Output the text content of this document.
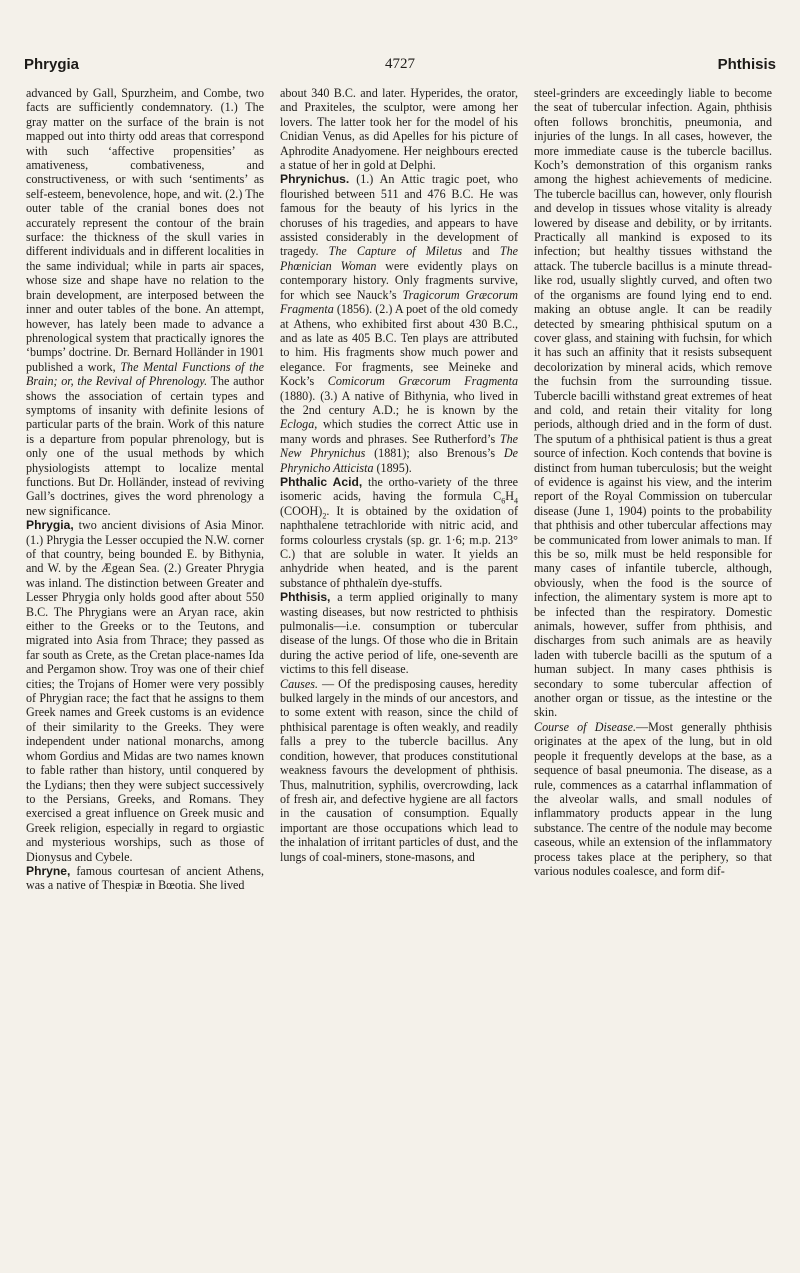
Phrygia	4727	Phthisis

advanced by Gall, Spurzheim, and Combe, two facts are sufficiently condemnatory. (1.) The gray matter on the surface of the brain is not mapped out into thirty odd areas that correspond with such ‘affective propensities’ as amativeness, combativeness, and constructiveness, or with such ‘sentiments’ as self-esteem, benevolence, hope, and wit. (2.) The outer table of the cranial bones does not accurately represent the contour of the brain surface: the thickness of the skull varies in different individuals and in different localities in the same individual; while in parts air spaces, whose size and shape have no relation to the brain development, are interposed between the inner and outer tables of the bone. An attempt, however, has lately been made to advance a phrenological system that practically ignores the ‘bumps’ doctrine. Dr. Bernard Holländer in 1901 published a work, The Mental Functions of the Brain; or, the Revival of Phrenology. The author shows the association of certain types and symptoms of insanity with definite lesions of particular parts of the brain. Work of this nature is a departure from popular phrenology, but is only one of the usual methods by which physiologists attempt to localize mental functions. But Dr. Holländer, instead of reviving Gall’s doctrines, gives the word phrenology a new significance.

Phrygia, two ancient divisions of Asia Minor. (1.) Phrygia the Lesser occupied the N.W. corner of that country, being bounded E. by Bithynia, and W. by the Ægean Sea. (2.) Greater Phrygia was inland. The distinction between Greater and Lesser Phrygia only holds good after about 550 B.C. The Phrygians were an Aryan race, akin either to the Greeks or to the Teutons, and migrated into Asia from Thrace; they passed as far south as Crete, as the Cretan place-names Ida and Pergamon show. Troy was one of their chief cities; the Trojans of Homer were very possibly of Phrygian race; the fact that he assigns to them Greek names and Greek customs is an evidence of their similarity to the Greeks. They were independent under national monarchs, among whom Gordius and Midas are two names known to fable rather than history, until conquered by the Lydians; then they were subject successively to the Persians, Greeks, and Romans. They exercised a great influence on Greek music and Greek religion, especially in regard to orgiastic and mysterious worships, such as those of Dionysus and Cybele.

Phryne, famous courtesan of ancient Athens, was a native of Thespiæ in Bœotia. She lived

about 340 B.C. and later. Hyperides, the orator, and Praxiteles, the sculptor, were among her lovers. The latter took her for the model of his Cnidian Venus, as did Apelles for his picture of Aphrodite Anadyomene. Her neighbours erected a statue of her in gold at Delphi.

Phrynichus. (1.) An Attic tragic poet, who flourished between 511 and 476 B.C. He was famous for the beauty of his lyrics in the choruses of his tragedies, and appears to have assisted considerably in the development of tragedy. The Capture of Miletus and The Phœnician Woman were evidently plays on contemporary history. Only fragments survive, for which see Nauck’s Tragicorum Græcorum Fragmenta (1856). (2.) A poet of the old comedy at Athens, who exhibited first about 430 B.C., and as late as 405 B.C. Ten plays are attributed to him. His fragments show much power and elegance. For fragments, see Meineke and Kock’s Comicorum Græcorum Fragmenta (1880). (3.) A native of Bithynia, who lived in the 2nd century A.D.; he is known by the Ecloga, which studies the correct Attic use in many words and phrases. See Rutherford’s The New Phrynichus (1881); also Brenous’s De Phrynicho Atticista (1895).

Phthalic Acid, the ortho-variety of the three isomeric acids, having the formula $C_6H_4$ $(COOH)_2$. It is obtained by the oxidation of naphthalene tetrachloride with nitric acid, and forms colourless crystals (sp. gr. 1·6; m.p. 213° C.) that are soluble in water. It yields an anhydride when heated, and is the parent substance of phthaleïn dye-stuffs.

Phthisis, a term applied originally to many wasting diseases, but now restricted to phthisis pulmonalis—i.e. consumption or tubercular disease of the lungs. Of those who die in Britain during the active period of life, one-seventh are victims to this fell disease.

Causes. — Of the predisposing causes, heredity bulked largely in the minds of our ancestors, and to some extent with reason, since the child of phthisical parentage is often weakly, and readily falls a prey to the tubercle bacillus. Any condition, however, that produces constitutional weakness favours the development of phthisis. Thus, malnutrition, syphilis, overcrowding, lack of fresh air, and defective hygiene are all factors in the causation of consumption. Equally important are those occupations which lead to the inhalation of irritant particles of dust, and the lungs of coal-miners, stone-masons, and

steel-grinders are exceedingly liable to become the seat of tubercular infection. Again, phthisis often follows bronchitis, pneumonia, and injuries of the lungs. In all cases, however, the more immediate cause is the tubercle bacillus. Koch’s demonstration of this organism ranks among the highest achievements of medicine. The tubercle bacillus can, however, only flourish and develop in tissues whose vitality is already lowered by disease and debility, or by irritants. Practically all mankind is exposed to its infection; but healthy tissues withstand the attack. The tubercle bacillus is a minute thread-like rod, usually slightly curved, and often two of the organisms are found lying end to end. making an obtuse angle. It can be readily detected by smearing phthisical sputum on a cover glass, and staining with fuchsin, for which it has such an affinity that it resists subsequent decolorization by mineral acids, which remove the fuchsin from the surrounding tissue. Tubercle bacilli withstand great extremes of heat and cold, and retain their vitality for long periods, although dried and in the form of dust. The sputum of a phthisical patient is thus a great source of infection. Koch contends that bovine is distinct from human tuberculosis; but the weight of evidence is against his view, and the interim report of the Royal Commission on tubercular disease (June 1, 1904) points to the probability that phthisis and other tubercular affections may be communicated from lower animals to man. If this be so, milk must be held responsible for many cases of infantile tubercle, although, obviously, when the food is the source of infection, the alimentary system is more apt to be infected than the respiratory. Domestic animals, however, suffer from phthisis, and discharges from such animals are as heavily laden with tubercle bacilli as the sputum of a human subject. In many cases phthisis is secondary to some tubercular affection of another organ or tissue, as the intestine or the skin.

Course of Disease.—Most generally phthisis originates at the apex of the lung, but in old people it frequently develops at the base, as a sequence of basal pneumonia. The disease, as a rule, commences as a catarrhal inflammation of the alveolar walls, and small nodules of inflammatory products appear in the lung substance. The centre of the nodule may become caseous, while an extension of the inflammatory process takes place at the periphery, so that various nodules coalesce, and form dif-
